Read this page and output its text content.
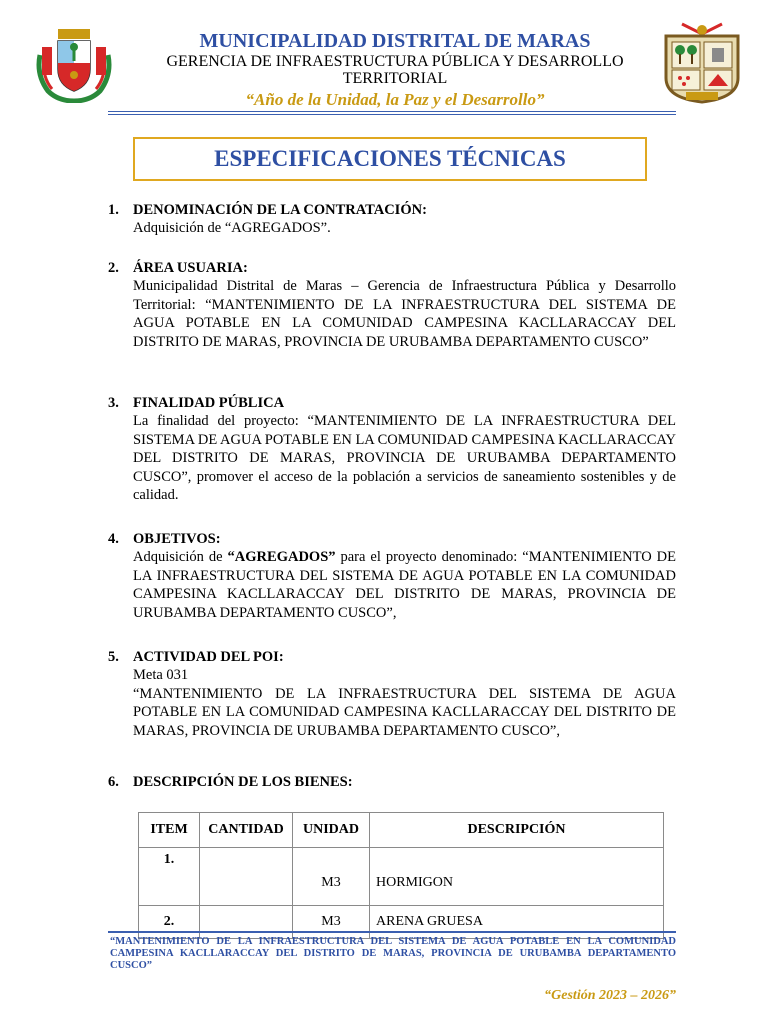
MUNICIPALIDAD DISTRITAL DE MARAS
GERENCIA DE INFRAESTRUCTURA PÚBLICA Y DESARROLLO
TERRITORIAL
“Año de la Unidad, la Paz y el Desarrollo”
ESPECIFICACIONES TÉCNICAS
1. DENOMINACIÓN DE LA CONTRATACIÓN:
Adquisición de “AGREGADOS”.
2. ÁREA USUARIA:
Municipalidad Distrital de Maras – Gerencia de Infraestructura Pública y Desarrollo Territorial: “MANTENIMIENTO DE LA INFRAESTRUCTURA DEL SISTEMA DE AGUA POTABLE EN LA COMUNIDAD CAMPESINA KACLLARACCAY DEL DISTRITO DE MARAS, PROVINCIA DE URUBAMBA DEPARTAMENTO CUSCO”
3. FINALIDAD PÚBLICA
La finalidad del proyecto: “MANTENIMIENTO DE LA INFRAESTRUCTURA DEL SISTEMA DE AGUA POTABLE EN LA COMUNIDAD CAMPESINA KACLLARACCAY DEL DISTRITO DE MARAS, PROVINCIA DE URUBAMBA DEPARTAMENTO CUSCO”, promover el acceso de la población a servicios de saneamiento sostenibles y de calidad.
4. OBJETIVOS:
Adquisición de “AGREGADOS” para el proyecto denominado: “MANTENIMIENTO DE LA INFRAESTRUCTURA DEL SISTEMA DE AGUA POTABLE EN LA COMUNIDAD CAMPESINA KACLLARACCAY DEL DISTRITO DE MARAS, PROVINCIA DE URUBAMBA DEPARTAMENTO CUSCO”,
5. ACTIVIDAD DEL POI:
Meta 031
“MANTENIMIENTO DE LA INFRAESTRUCTURA DEL SISTEMA DE AGUA POTABLE EN LA COMUNIDAD CAMPESINA KACLLARACCAY DEL DISTRITO DE MARAS, PROVINCIA DE URUBAMBA DEPARTAMENTO CUSCO”,
6. DESCRIPCIÓN DE LOS BIENES:
ITEM	CANTIDAD	UNIDAD	DESCRIPCIÓN
1.		M3	HORMIGON
2.		M3	ARENA GRUESA
“MANTENIMIENTO DE LA INFRAESTRUCTURA DEL SISTEMA DE AGUA POTABLE EN LA COMUNIDAD CAMPESINA KACLLARACCAY DEL DISTRITO DE MARAS, PROVINCIA DE URUBAMBA DEPARTAMENTO CUSCO”
“Gestión 2023 – 2026”
